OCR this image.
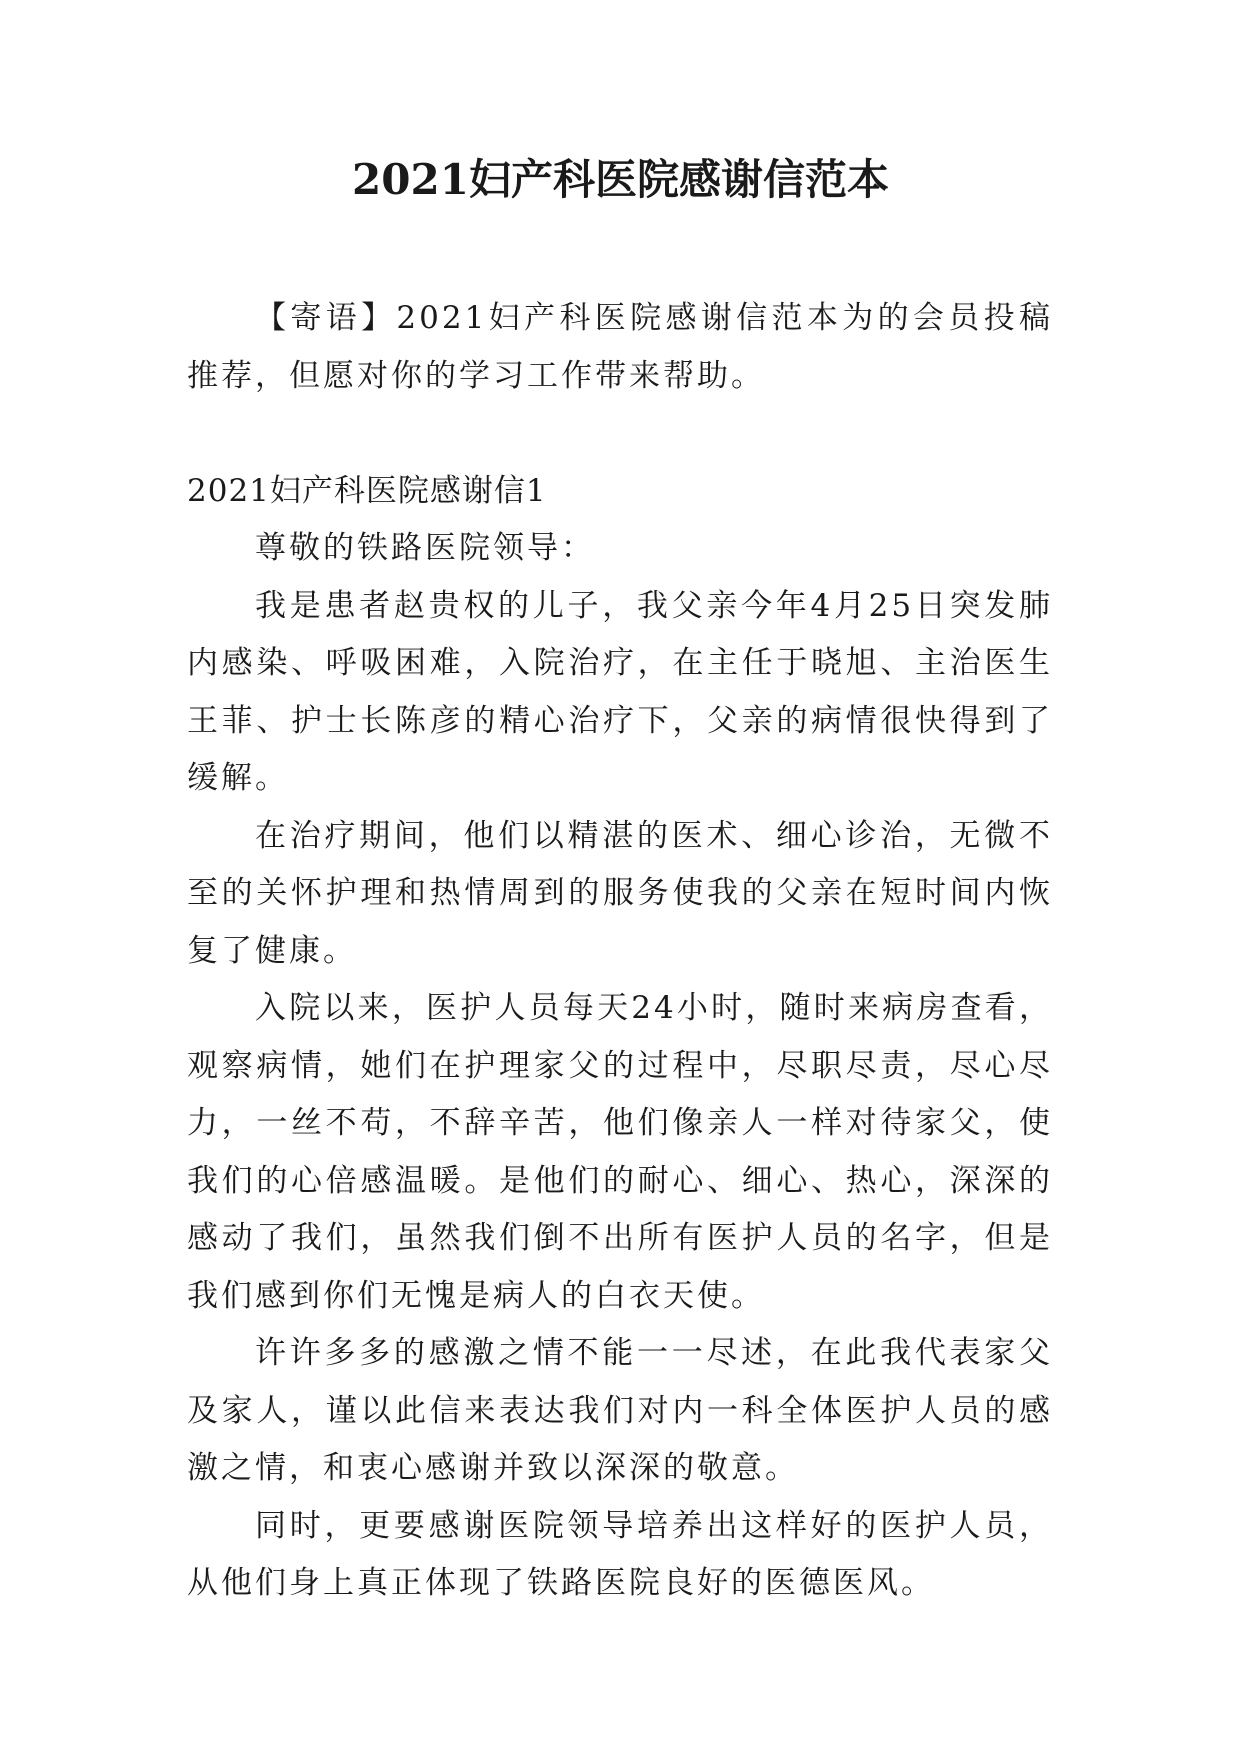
2021妇产科医院感谢信范本

【寄语】2021妇产科医院感谢信范本为的会员投稿推荐，但愿对你的学习工作带来帮助。

2021妇产科医院感谢信1

尊敬的铁路医院领导：

我是患者赵贵权的儿子，我父亲今年4月25日突发肺内感染、呼吸困难，入院治疗，在主任于晓旭、主治医生王菲、护士长陈彦的精心治疗下，父亲的病情很快得到了缓解。

在治疗期间，他们以精湛的医术、细心诊治，无微不至的关怀护理和热情周到的服务使我的父亲在短时间内恢复了健康。

入院以来，医护人员每天24小时，随时来病房查看，观察病情，她们在护理家父的过程中，尽职尽责，尽心尽力，一丝不苟，不辞辛苦，他们像亲人一样对待家父，使我们的心倍感温暖。是他们的耐心、细心、热心，深深的感动了我们，虽然我们倒不出所有医护人员的名字，但是我们感到你们无愧是病人的白衣天使。

许许多多的感激之情不能一一尽述，在此我代表家父及家人，谨以此信来表达我们对内一科全体医护人员的感激之情，和衷心感谢并致以深深的敬意。

同时，更要感谢医院领导培养出这样好的医护人员，从他们身上真正体现了铁路医院良好的医德医风。
